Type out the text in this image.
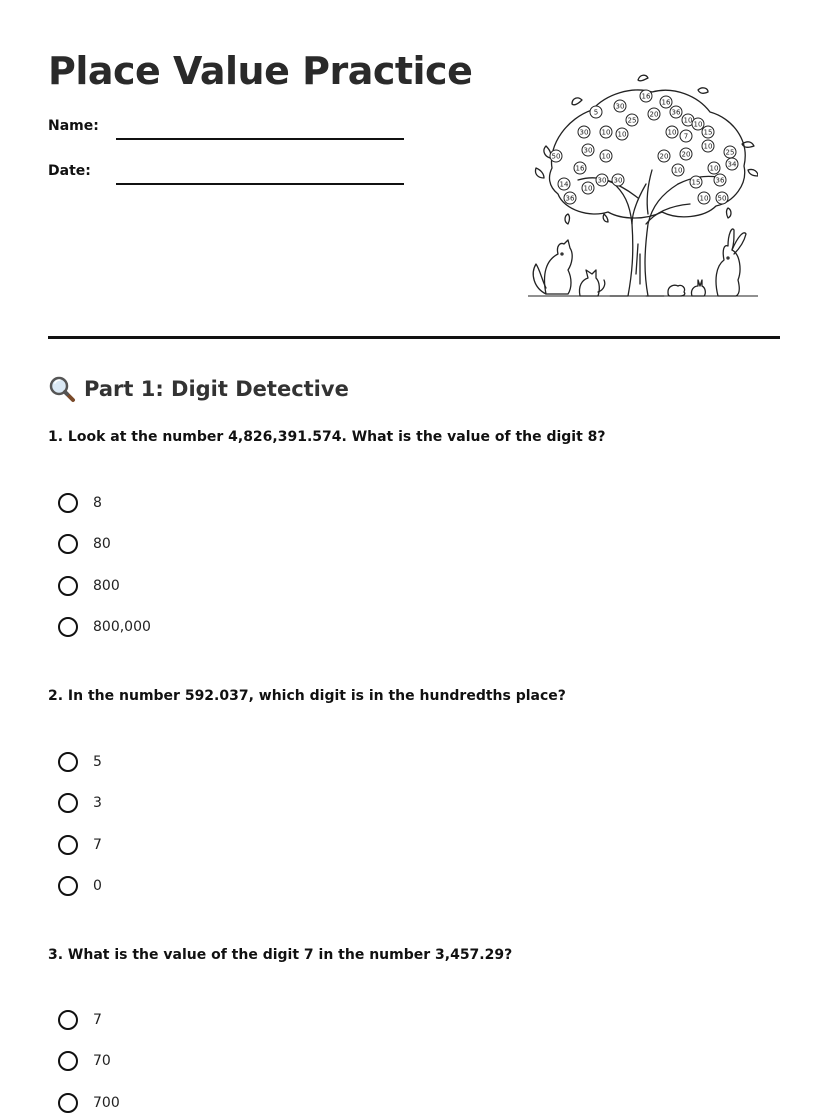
Place Value Practice
Name:
Date:
16
5
30
25
20
16
36
10 10
15
10 10
30	10 7
10
20	25
34
50
30
16
10
14	30 30
36
10
20
10
15 36
10
50
10
Part 1: Digit Detective
1. Look at the number 4,826,391.574. What is the value of the digit 8?
8
80
800
800,000
2. In the number 592.037, which digit is in the hundredths place?
5
3
7
0
3. What is the value of the digit 7 in the number 3,457.29?
7
70
700
